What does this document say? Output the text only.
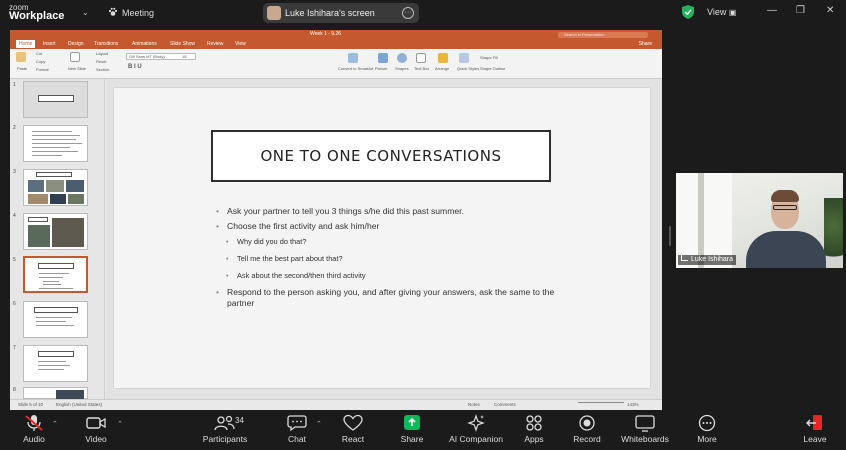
zoom
Workplace ⌄	Meeting	Luke Ishihara's screen	···	View ▣	— ❐ ✕
Week 1 - 9.26	Search in Presentation
Home	Insert Design Transitions	Animations	Slide Show Review View	Share
Paste
Cut
Copy
Format	New Slide
Layout
Reset
Section
Gill Sans MT (Body)	18
B I U	Convert to SmartArt Picture Shapes Text Box Arrange Quick Styles
Shape Fill
Shape Outline
1
2
3
4
5
6
7
8
ONE TO ONE CONVERSATIONS
• Ask your partner to tell you 3 things s/he did this past summer.
• Choose the first activity and ask him/her
• Why did you do that?
• Tell me the best part about that?
• Ask about the second/then third activity
• Respond to the person asking you, and after giving your answers, ask the same to the partner
Slide 5 of 10	English (United States)	Notes	Comments	143%
Luke Ishihara
Audio
⌃
Video
⌃
Participants
34
Chat
⌃
React	Share	AI Companion	Apps	Record	Whiteboards	More	Leave
